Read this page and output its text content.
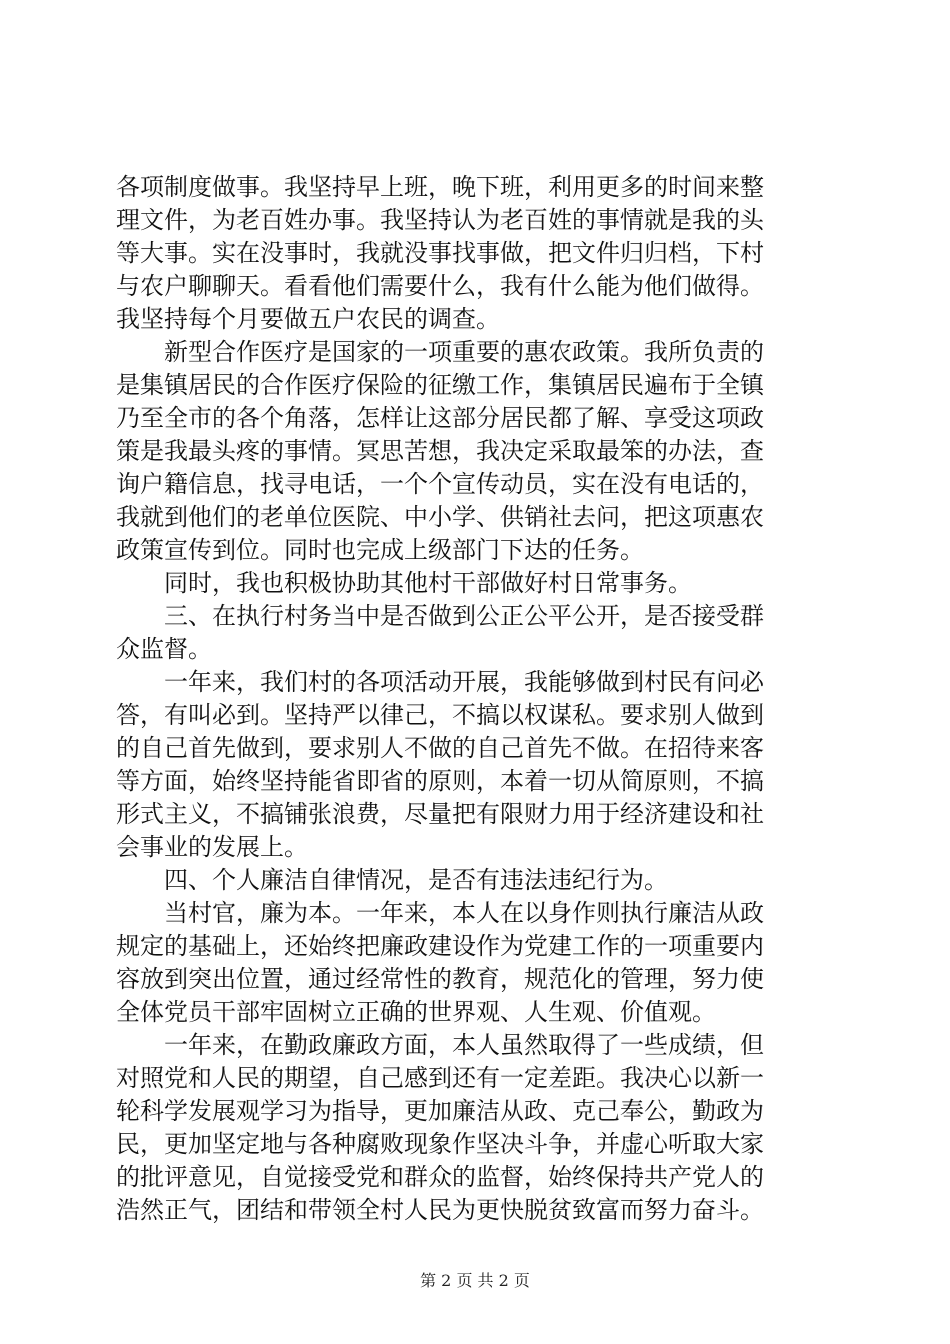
各项制度做事。我坚持早上班，晚下班，利用更多的时间来整
理文件，为老百姓办事。我坚持认为老百姓的事情就是我的头
等大事。实在没事时，我就没事找事做，把文件归归档，下村
与农户聊聊天。看看他们需要什么，我有什么能为他们做得。
我坚持每个月要做五户农民的调查。
　　新型合作医疗是国家的一项重要的惠农政策。我所负责的
是集镇居民的合作医疗保险的征缴工作，集镇居民遍布于全镇
乃至全市的各个角落，怎样让这部分居民都了解、享受这项政
策是我最头疼的事情。冥思苦想，我决定采取最笨的办法，查
询户籍信息，找寻电话，一个个宣传动员，实在没有电话的，
我就到他们的老单位医院、中小学、供销社去问，把这项惠农
政策宣传到位。同时也完成上级部门下达的任务。
　　同时，我也积极协助其他村干部做好村日常事务。
　　三、在执行村务当中是否做到公正公平公开，是否接受群
众监督。
　　一年来，我们村的各项活动开展，我能够做到村民有问必
答，有叫必到。坚持严以律己，不搞以权谋私。要求别人做到
的自己首先做到，要求别人不做的自己首先不做。在招待来客
等方面，始终坚持能省即省的原则，本着一切从简原则，不搞
形式主义，不搞铺张浪费，尽量把有限财力用于经济建设和社
会事业的发展上。
　　四、个人廉洁自律情况，是否有违法违纪行为。
　　当村官，廉为本。一年来，本人在以身作则执行廉洁从政
规定的基础上，还始终把廉政建设作为党建工作的一项重要内
容放到突出位置，通过经常性的教育，规范化的管理，努力使
全体党员干部牢固树立正确的世界观、人生观、价值观。
　　一年来，在勤政廉政方面，本人虽然取得了一些成绩，但
对照党和人民的期望，自己感到还有一定差距。我决心以新一
轮科学发展观学习为指导，更加廉洁从政、克己奉公，勤政为
民，更加坚定地与各种腐败现象作坚决斗争，并虚心听取大家
的批评意见，自觉接受党和群众的监督，始终保持共产党人的
浩然正气，团结和带领全村人民为更快脱贫致富而努力奋斗。
第 2 页 共 2 页
